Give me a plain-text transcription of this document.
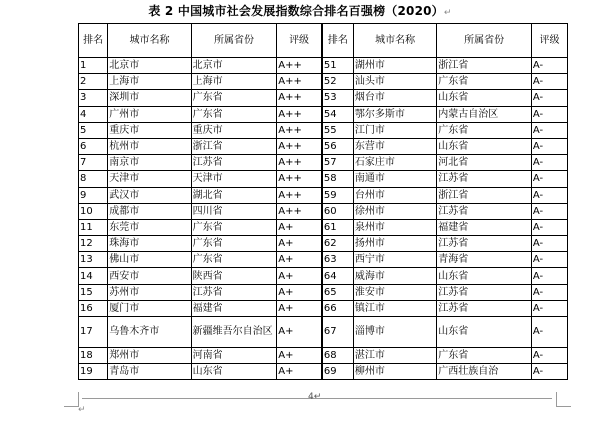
表 2 中国城市社会发展指数综合排名百强榜（2020）↵
排名	城市名称	所属省份	评级	排名	城市名称	所属省份	评级
1	北京市	北京市	A++	51	湖州市	浙江省	A-
2	上海市	上海市	A++	52	汕头市	广东省	A-
3	深圳市	广东省	A++	53	烟台市	山东省	A-
4	广州市	广东省	A++	54	鄂尔多斯市	内蒙古自治区	A-
5	重庆市	重庆市	A++	55	江门市	广东省	A-
6	杭州市	浙江省	A++	56	东营市	山东省	A-
7	南京市	江苏省	A++	57	石家庄市	河北省	A-
8	天津市	天津市	A++	58	南通市	江苏省	A-
9	武汉市	湖北省	A++	59	台州市	浙江省	A-
10	成都市	四川省	A++	60	徐州市	江苏省	A-
11	东莞市	广东省	A+	61	泉州市	福建省	A-
12	珠海市	广东省	A+	62	扬州市	江苏省	A-
13	佛山市	广东省	A+	63	西宁市	青海省	A-
14	西安市	陕西省	A+	64	威海市	山东省	A-
15	苏州市	江苏省	A+	65	淮安市	江苏省	A-
16	厦门市	福建省	A+	66	镇江市	江苏省	A-
17	乌鲁木齐市	新疆维吾尔自治区	A+	67	淄博市	山东省	A-
18	郑州市	河南省	A+	68	湛江市	广东省	A-
19	青岛市	山东省	A+	69	柳州市	广西壮族自治	A-
4↵
↵
